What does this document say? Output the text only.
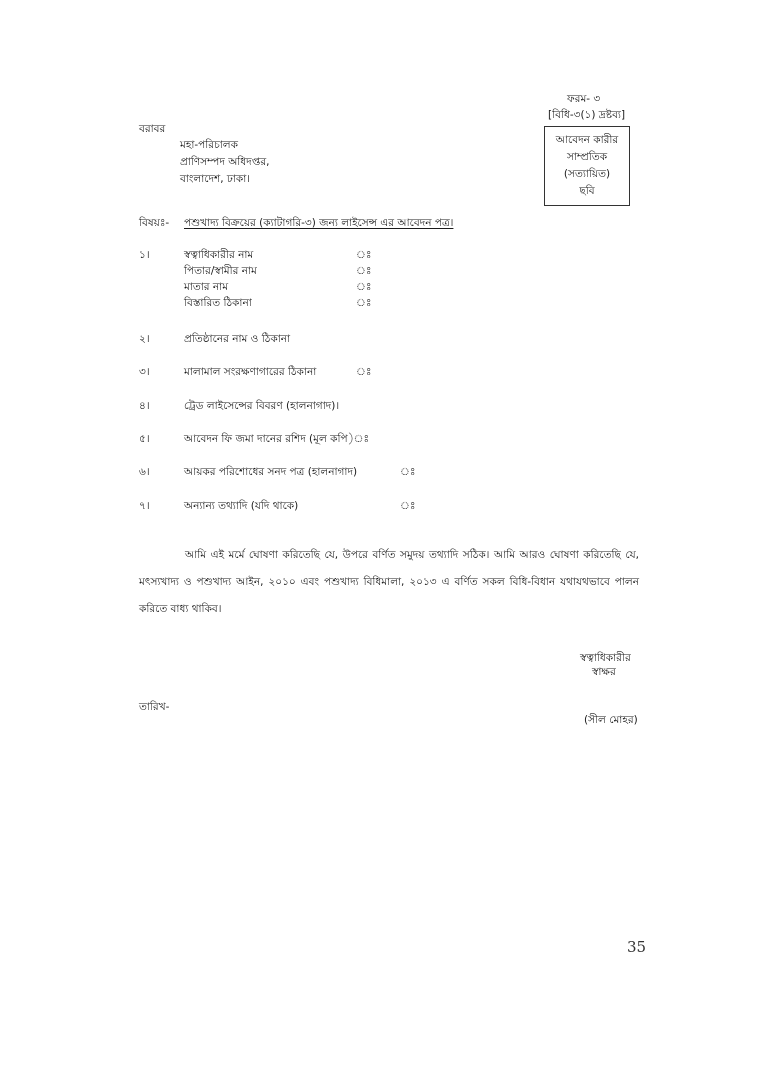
ফরম- ৩
[বিধি-৩(১) দ্রষ্টব্য]
আবেদন কারীর
সাম্প্রতিক
(সত্যায়িত)
ছবি
বরাবর
মহা-পরিচালক
প্রাণিসম্পদ অধিদপ্তর,
বাংলাদেশ, ঢাকা।
বিষয়ঃ- পশুখাদ্য বিক্রয়ের (ক্যাটাগরি-৩) জন্য লাইসেন্স এর আবেদন পত্র।
১।	স্বত্বাধিকারীর নাম	ঃ
পিতার/স্বামীর নাম	ঃ
মাতার নাম	ঃ
বিস্তারিত ঠিকানা	ঃ
২।	প্রতিষ্ঠানের নাম ও ঠিকানা
৩।	মালামাল সংরক্ষণাগারের ঠিকানা	ঃ
৪।	ট্রেড লাইসেন্সের বিবরণ (হালনাগাদ)।
৫।	আবেদন ফি জমা দানের রশিদ (মূল কপি)ঃ
৬।	আয়কর পরিশোধের সনদ পত্র (হালনাগাদ)	ঃ
৭।	অন্যান্য তথ্যাদি (যদি থাকে)	ঃ

আমি এই মর্মে ঘোষণা করিতেছি যে, উপরে বর্ণিত সমুদয় তথ্যাদি সঠিক। আমি আরও ঘোষণা করিতেছি যে, মৎস্যখাদ্য ও পশুখাদ্য আইন, ২০১০ এবং পশুখাদ্য বিধিমালা, ২০১৩ এ বর্ণিত সকল বিধি-বিধান যথাযথভাবে পালন করিতে বাধ্য থাকিব।

স্বত্বাধিকারীর
স্বাক্ষর
তারিখ-
(সীল মোহর)
35
